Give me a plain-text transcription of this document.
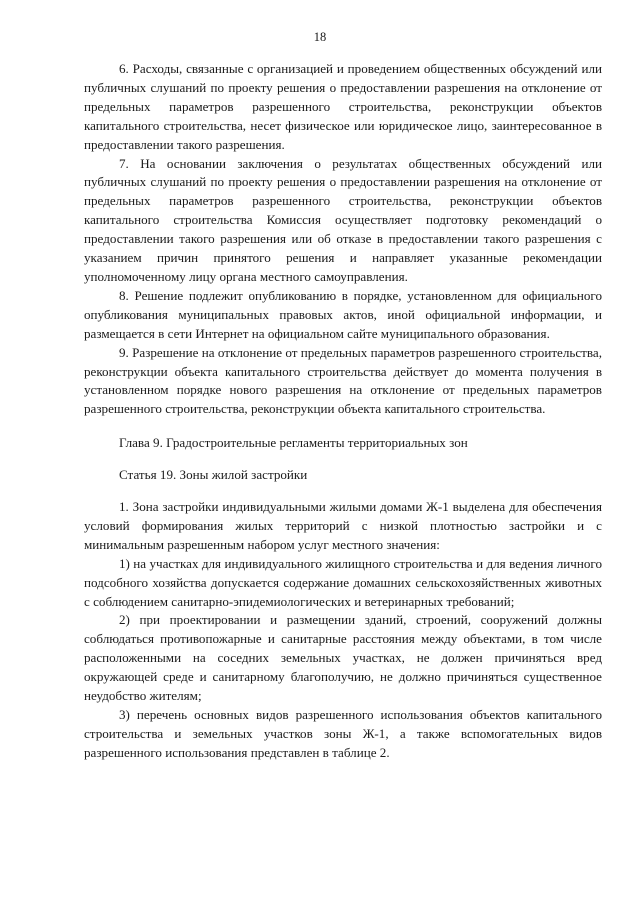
18

6. Расходы, связанные с организацией и проведением общественных обсуждений или публичных слушаний по проекту решения о предоставлении разрешения на отклонение от предельных параметров разрешенного строительства, реконструкции объектов капитального строительства, несет физическое или юридическое лицо, заинтересованное в предоставлении такого разрешения.

7. На основании заключения о результатах общественных обсуждений или публичных слушаний по проекту решения о предоставлении разрешения на отклонение от предельных параметров разрешенного строительства, реконструкции объектов капитального строительства Комиссия осуществляет подготовку рекомендаций о предоставлении такого разрешения или об отказе в предоставлении такого разрешения с указанием причин принятого решения и направляет указанные рекомендации уполномоченному лицу органа местного самоуправления.

8. Решение подлежит опубликованию в порядке, установленном для официального опубликования муниципальных правовых актов, иной официальной информации, и размещается в сети Интернет на официальном сайте муниципального образования.

9. Разрешение на отклонение от предельных параметров разрешенного строительства, реконструкции объекта капитального строительства действует до момента получения в установленном порядке нового разрешения на отклонение от предельных параметров разрешенного строительства, реконструкции объекта капитального строительства.

Глава 9. Градостроительные регламенты территориальных зон

Статья 19. Зоны жилой застройки

1. Зона застройки индивидуальными жилыми домами Ж-1 выделена для обеспечения условий формирования жилых территорий с низкой плотностью застройки и с минимальным разрешенным набором услуг местного значения:

1) на участках для индивидуального жилищного строительства и для ведения личного подсобного хозяйства допускается содержание домашних сельскохозяйственных животных с соблюдением санитарно-эпидемиологических и ветеринарных требований;

2) при проектировании и размещении зданий, строений, сооружений должны соблюдаться противопожарные и санитарные расстояния между объектами, в том числе расположенными на соседних земельных участках, не должен причиняться вред окружающей среде и санитарному благополучию, не должно причиняться существенное неудобство жителям;

3) перечень основных видов разрешенного использования объектов капитального строительства и земельных участков зоны Ж-1, а также вспомогательных видов разрешенного использования представлен в таблице 2.
